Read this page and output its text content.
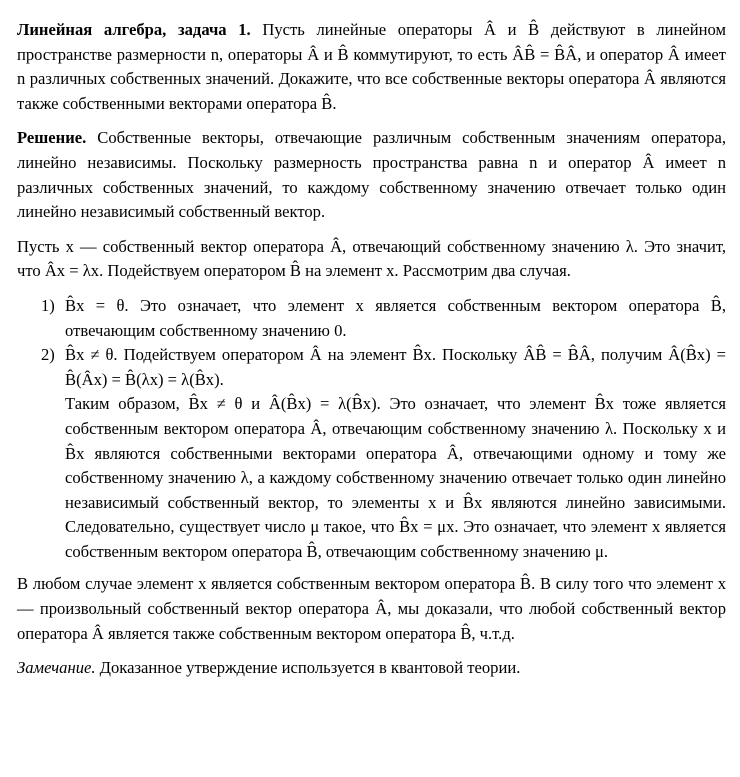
Линейная алгебра, задача 1. Пусть линейные операторы Â и B̂ действуют в линейном пространстве размерности n, операторы Â и B̂ коммутируют, то есть ÂB̂ = B̂Â, и оператор Â имеет n различных собственных значений. Докажите, что все собственные векторы оператора Â являются также собственными векторами оператора B̂.

Решение. Собственные векторы, отвечающие различным собственным значениям оператора, линейно независимы. Поскольку размерность пространства равна n и оператор Â имеет n различных собственных значений, то каждому собственному значению отвечает только один линейно независимый собственный вектор.

Пусть x — собственный вектор оператора Â, отвечающий собственному значению λ. Это значит, что Âx = λx. Подействуем оператором B̂ на элемент x. Рассмотрим два случая.

1) B̂x = θ. Это означает, что элемент x является собственным вектором оператора B̂, отвечающим собственному значению 0.

2) B̂x ≠ θ. Подействуем оператором Â на элемент B̂x. Поскольку ÂB̂ = B̂Â, получим Â(B̂x) = B̂(Âx) = B̂(λx) = λ(B̂x).

Таким образом, B̂x ≠ θ и Â(B̂x) = λ(B̂x). Это означает, что элемент B̂x тоже является собственным вектором оператора Â, отвечающим собственному значению λ. Поскольку x и B̂x являются собственными векторами оператора Â, отвечающими одному и тому же собственному значению λ, а каждому собственному значению отвечает только один линейно независимый собственный вектор, то элементы x и B̂x являются линейно зависимыми. Следовательно, существует число μ такое, что B̂x = μx. Это означает, что элемент x является собственным вектором оператора B̂, отвечающим собственному значению μ.

В любом случае элемент x является собственным вектором оператора B̂. В силу того что элемент x — произвольный собственный вектор оператора Â, мы доказали, что любой собственный вектор оператора Â является также собственным вектором оператора B̂, ч.т.д.

Замечание. Доказанное утверждение используется в квантовой теории.
